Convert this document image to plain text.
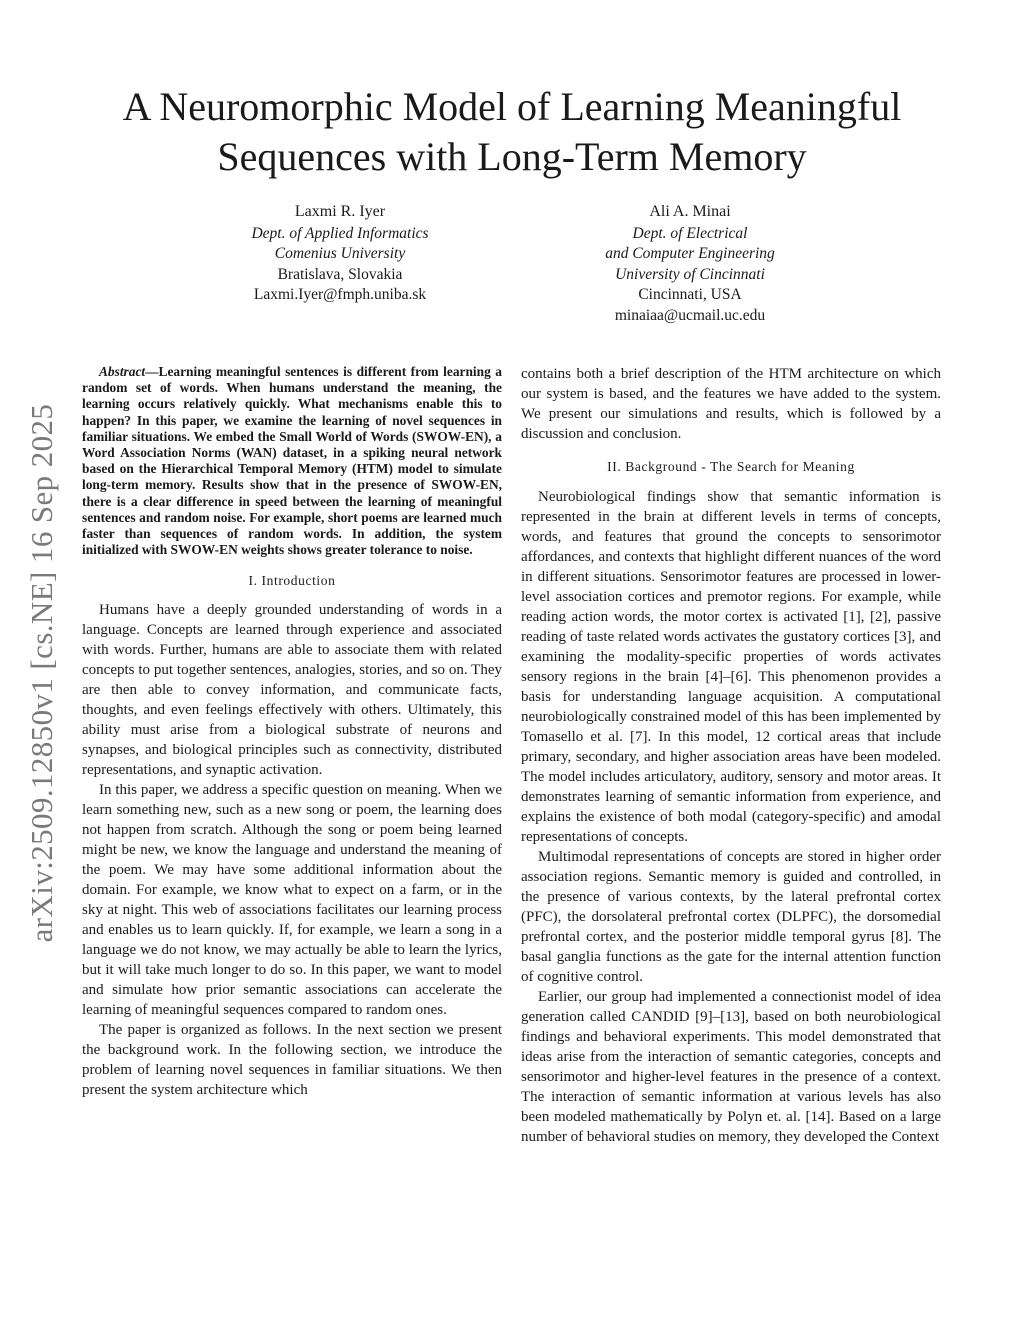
arXiv:2509.12850v1 [cs.NE] 16 Sep 2025
A Neuromorphic Model of Learning Meaningful
Sequences with Long-Term Memory
Laxmi R. Iyer
Dept. of Applied Informatics
Comenius University
Bratislava, Slovakia
Laxmi.Iyer@fmph.uniba.sk
Ali A. Minai
Dept. of Electrical
and Computer Engineering
University of Cincinnati
Cincinnati, USA
minaiaa@ucmail.uc.edu

Abstract—Learning meaningful sentences is different from learning a random set of words. When humans understand the meaning, the learning occurs relatively quickly. What mechanisms enable this to happen? In this paper, we examine the learning of novel sequences in familiar situations. We embed the Small World of Words (SWOW-EN), a Word Association Norms (WAN) dataset, in a spiking neural network based on the Hierarchical Temporal Memory (HTM) model to simulate long-term memory. Results show that in the presence of SWOW-EN, there is a clear difference in speed between the learning of meaningful sentences and random noise. For example, short poems are learned much faster than sequences of random words. In addition, the system initialized with SWOW-EN weights shows greater tolerance to noise.

I. Introduction

Humans have a deeply grounded understanding of words in a language. Concepts are learned through experience and associated with words. Further, humans are able to associate them with related concepts to put together sentences, analogies, stories, and so on. They are then able to convey information, and communicate facts, thoughts, and even feelings effectively with others. Ultimately, this ability must arise from a biological substrate of neurons and synapses, and biological principles such as connectivity, distributed representations, and synaptic activation.

In this paper, we address a specific question on meaning. When we learn something new, such as a new song or poem, the learning does not happen from scratch. Although the song or poem being learned might be new, we know the language and understand the meaning of the poem. We may have some additional information about the domain. For example, we know what to expect on a farm, or in the sky at night. This web of associations facilitates our learning process and enables us to learn quickly. If, for example, we learn a song in a language we do not know, we may actually be able to learn the lyrics, but it will take much longer to do so. In this paper, we want to model and simulate how prior semantic associations can accelerate the learning of meaningful sequences compared to random ones.

The paper is organized as follows. In the next section we present the background work. In the following section, we introduce the problem of learning novel sequences in familiar situations. We then present the system architecture which

contains both a brief description of the HTM architecture on which our system is based, and the features we have added to the system. We present our simulations and results, which is followed by a discussion and conclusion.

II. Background - The Search for Meaning

Neurobiological findings show that semantic information is represented in the brain at different levels in terms of concepts, words, and features that ground the concepts to sensorimotor affordances, and contexts that highlight different nuances of the word in different situations. Sensorimotor features are processed in lower-level association cortices and premotor regions. For example, while reading action words, the motor cortex is activated [1], [2], passive reading of taste related words activates the gustatory cortices [3], and examining the modality-specific properties of words activates sensory regions in the brain [4]–[6]. This phenomenon provides a basis for understanding language acquisition. A computational neurobiologically constrained model of this has been implemented by Tomasello et al. [7]. In this model, 12 cortical areas that include primary, secondary, and higher association areas have been modeled. The model includes articulatory, auditory, sensory and motor areas. It demonstrates learning of semantic information from experience, and explains the existence of both modal (category-specific) and amodal representations of concepts.

Multimodal representations of concepts are stored in higher order association regions. Semantic memory is guided and controlled, in the presence of various contexts, by the lateral prefrontal cortex (PFC), the dorsolateral prefrontal cortex (DLPFC), the dorsomedial prefrontal cortex, and the posterior middle temporal gyrus [8]. The basal ganglia functions as the gate for the internal attention function of cognitive control.

Earlier, our group had implemented a connectionist model of idea generation called CANDID [9]–[13], based on both neurobiological findings and behavioral experiments. This model demonstrated that ideas arise from the interaction of semantic categories, concepts and sensorimotor and higher-level features in the presence of a context. The interaction of semantic information at various levels has also been modeled mathematically by Polyn et. al. [14]. Based on a large number of behavioral studies on memory, they developed the Context
